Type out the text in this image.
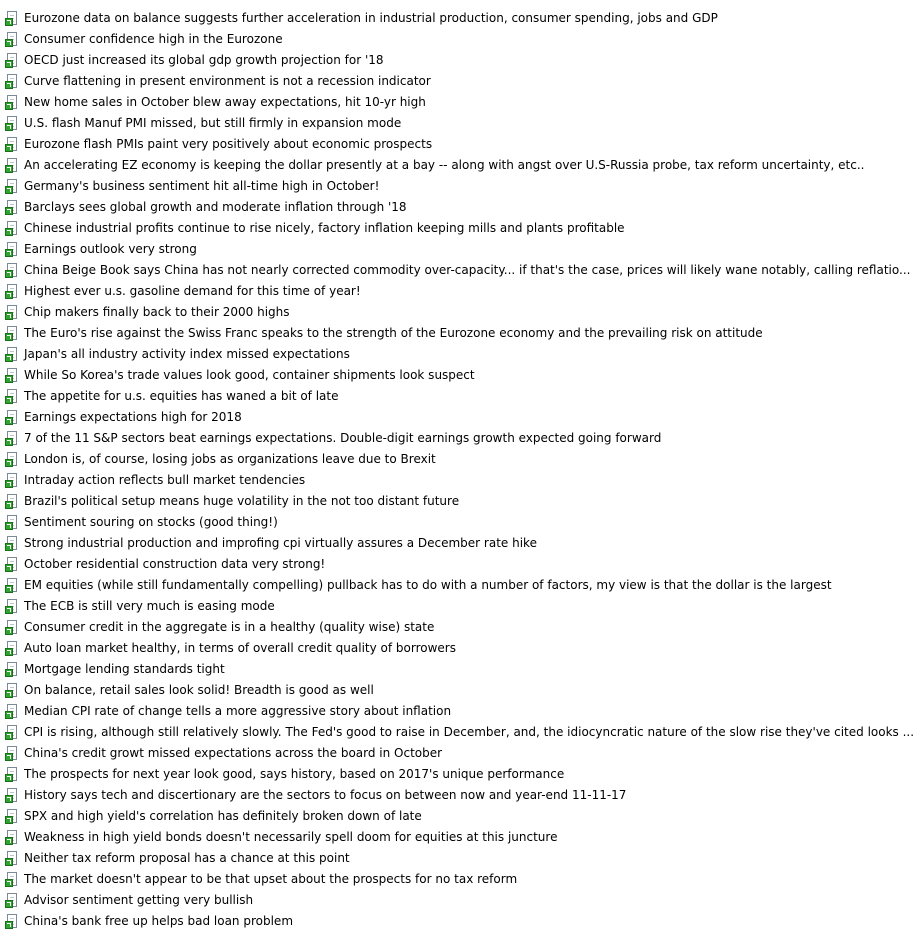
Eurozone data on balance suggests further acceleration in industrial production, consumer spending, jobs and GDP
Consumer confidence high in the Eurozone
OECD just increased its global gdp growth projection for '18
Curve flattening in present environment is not a recession indicator
New home sales in October blew away expectations, hit 10-yr high
U.S. flash Manuf PMI missed, but still firmly in expansion mode
Eurozone flash PMIs paint very positively about economic prospects
An accelerating EZ economy is keeping the dollar presently at a bay -- along with angst over U.S-Russia probe, tax reform uncertainty, etc..
Germany's business sentiment hit all-time high in October!
Barclays sees global growth and moderate inflation through '18
Chinese industrial profits continue to rise nicely, factory inflation keeping mills and plants profitable
Earnings outlook very strong
China Beige Book says China has not nearly corrected commodity over-capacity... if that's the case, prices will likely wane notably, calling reflatio...
Highest ever u.s. gasoline demand for this time of year!
Chip makers finally back to their 2000 highs
The Euro's rise against the Swiss Franc speaks to the strength of the Eurozone economy and the prevailing risk on attitude
Japan's all industry activity index missed expectations
While So Korea's trade values look good, container shipments look suspect
The appetite for u.s. equities has waned a bit of late
Earnings expectations high for 2018
7 of the 11 S&P sectors beat earnings expectations. Double-digit earnings growth expected going forward
London is, of course, losing jobs as organizations leave due to Brexit
Intraday action reflects bull market tendencies
Brazil's political setup means huge volatility in the not too distant future
Sentiment souring on stocks (good thing!)
Strong industrial production and improfing cpi virtually assures a December rate hike
October residential construction data very strong!
EM equities (while still fundamentally compelling) pullback has to do with a number of factors, my view is that the dollar is the largest
The ECB is still very much is easing mode
Consumer credit in the aggregate is in a healthy (quality wise) state
Auto loan market healthy, in terms of overall credit quality of borrowers
Mortgage lending standards tight
On balance, retail sales look solid! Breadth is good as well
Median CPI rate of change tells a more aggressive story about inflation
CPI is rising, although still relatively slowly. The Fed's good to raise in December, and, the idiocyncratic nature of the slow rise they've cited looks ...
China's credit growt missed expectations across the board in October
The prospects for next year look good, says history, based on 2017's unique performance
History says tech and discertionary are the sectors to focus on between now and year-end 11-11-17
SPX and high yield's correlation has definitely broken down of late
Weakness in high yield bonds doesn't necessarily spell doom for equities at this juncture
Neither tax reform proposal has a chance at this point
The market doesn't appear to be that upset about the prospects for no tax reform
Advisor sentiment getting very bullish
China's bank free up helps bad loan problem
